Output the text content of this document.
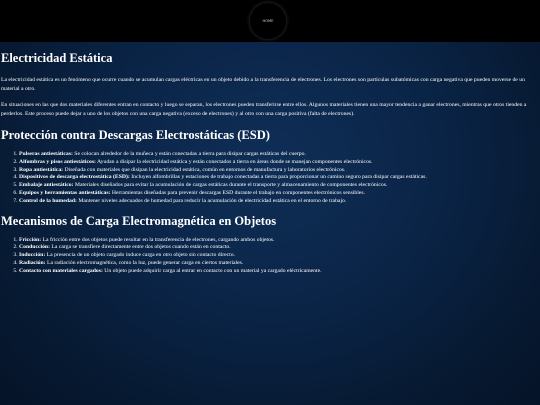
HOME
Electricidad Estática

La electricidad estática es un fenómeno que ocurre cuando se acumulan cargas eléctricas en un objeto debido a la transferencia de electrones. Los electrones son partículas subatómicas con carga negativa que pueden moverse de un material a otro.

En situaciones en las que dos materiales diferentes entran en contacto y luego se separan, los electrones pueden transferirse entre ellos. Algunos materiales tienen una mayor tendencia a ganar electrones, mientras que otros tienden a perderlos. Este proceso puede dejar a uno de los objetos con una carga negativa (exceso de electrones) y al otro con una carga positiva (falta de electrones).

Protección contra Descargas Electrostáticas (ESD)
1. Pulseras antiestáticas: Se colocan alrededor de la muñeca y están conectadas a tierra para disipar cargas estáticas del cuerpo.
2. Alfombras y pisos antiestáticos: Ayudan a disipar la electricidad estática y están conectados a tierra en áreas donde se manejan componentes electrónicos.
3. Ropa antiestática: Diseñada con materiales que disipan la electricidad estática, común en entornos de manufactura y laboratorios electrónicos.
4. Dispositivos de descarga electrostática (ESD): Incluyen alfombrillas y estaciones de trabajo conectadas a tierra para proporcionar un camino seguro para disipar cargas estáticas.
5. Embalaje antiestático: Materiales diseñados para evitar la acumulación de cargas estáticas durante el transporte y almacenamiento de componentes electrónicos.
6. Equipos y herramientas antiestáticas: Herramientas diseñadas para prevenir descargas ESD durante el trabajo en componentes electrónicos sensibles.
7. Control de la humedad: Mantener niveles adecuados de humedad para reducir la acumulación de electricidad estática en el entorno de trabajo.
Mecanismos de Carga Electromagnética en Objetos
1. Fricción: La fricción entre dos objetos puede resultar en la transferencia de electrones, cargando ambos objetos.
2. Conducción: La carga se transfiere directamente entre dos objetos cuando están en contacto.
3. Inducción: La presencia de un objeto cargado induce carga en otro objeto sin contacto directo.
4. Radiación: La radiación electromagnética, como la luz, puede generar carga en ciertos materiales.
5. Contacto con materiales cargados: Un objeto puede adquirir carga al entrar en contacto con un material ya cargado eléctricamente.
